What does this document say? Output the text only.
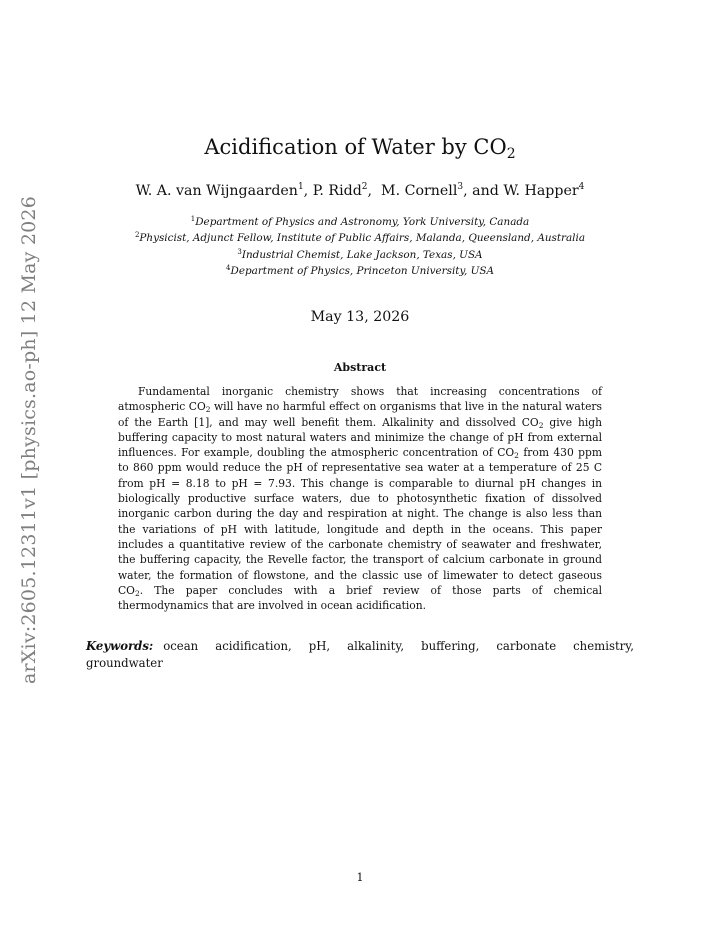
arXiv:2605.12311v1 [physics.ao-ph] 12 May 2026
Acidification of Water by $CO_2$
W. A. van Wijngaarden$^1$, P. Ridd$^2$,  M. Cornell$^3$, and W. Happer$^4$
$^1$Department of Physics and Astronomy, York University, Canada
$^2$Physicist, Adjunct Fellow, Institute of Public Affairs, Malanda, Queensland, Australia
$^3$Industrial Chemist, Lake Jackson, Texas, USA
$^4$Department of Physics, Princeton University, USA
May 13, 2026
Abstract

Fundamental inorganic chemistry shows that increasing concentrations of atmospheric $CO_2$ will have no harmful effect on organisms that live in the natural waters of the Earth [1], and may well benefit them. Alkalinity and dissolved $CO_2$ give high buffering capacity to most natural waters and minimize the change of pH from external influences. For example, doubling the atmospheric concentration of $CO_2$ from 430 ppm to 860 ppm would reduce the pH of representative sea water at a temperature of 25 C from pH = 8.18 to pH = 7.93. This change is comparable to diurnal pH changes in biologically productive surface waters, due to photosynthetic fixation of dissolved inorganic carbon during the day and respiration at night. The change is also less than the variations of pH with latitude, longitude and depth in the oceans. This paper includes a quantitative review of the carbonate chemistry of seawater and freshwater, the buffering capacity, the Revelle factor, the transport of calcium carbonate in ground water, the formation of flowstone, and the classic use of limewater to detect gaseous $CO_2$. The paper concludes with a brief review of those parts of chemical thermodynamics that are involved in ocean acidification.

Keywords: ocean acidification, pH, alkalinity, buffering, carbonate chemistry, groundwater
1
